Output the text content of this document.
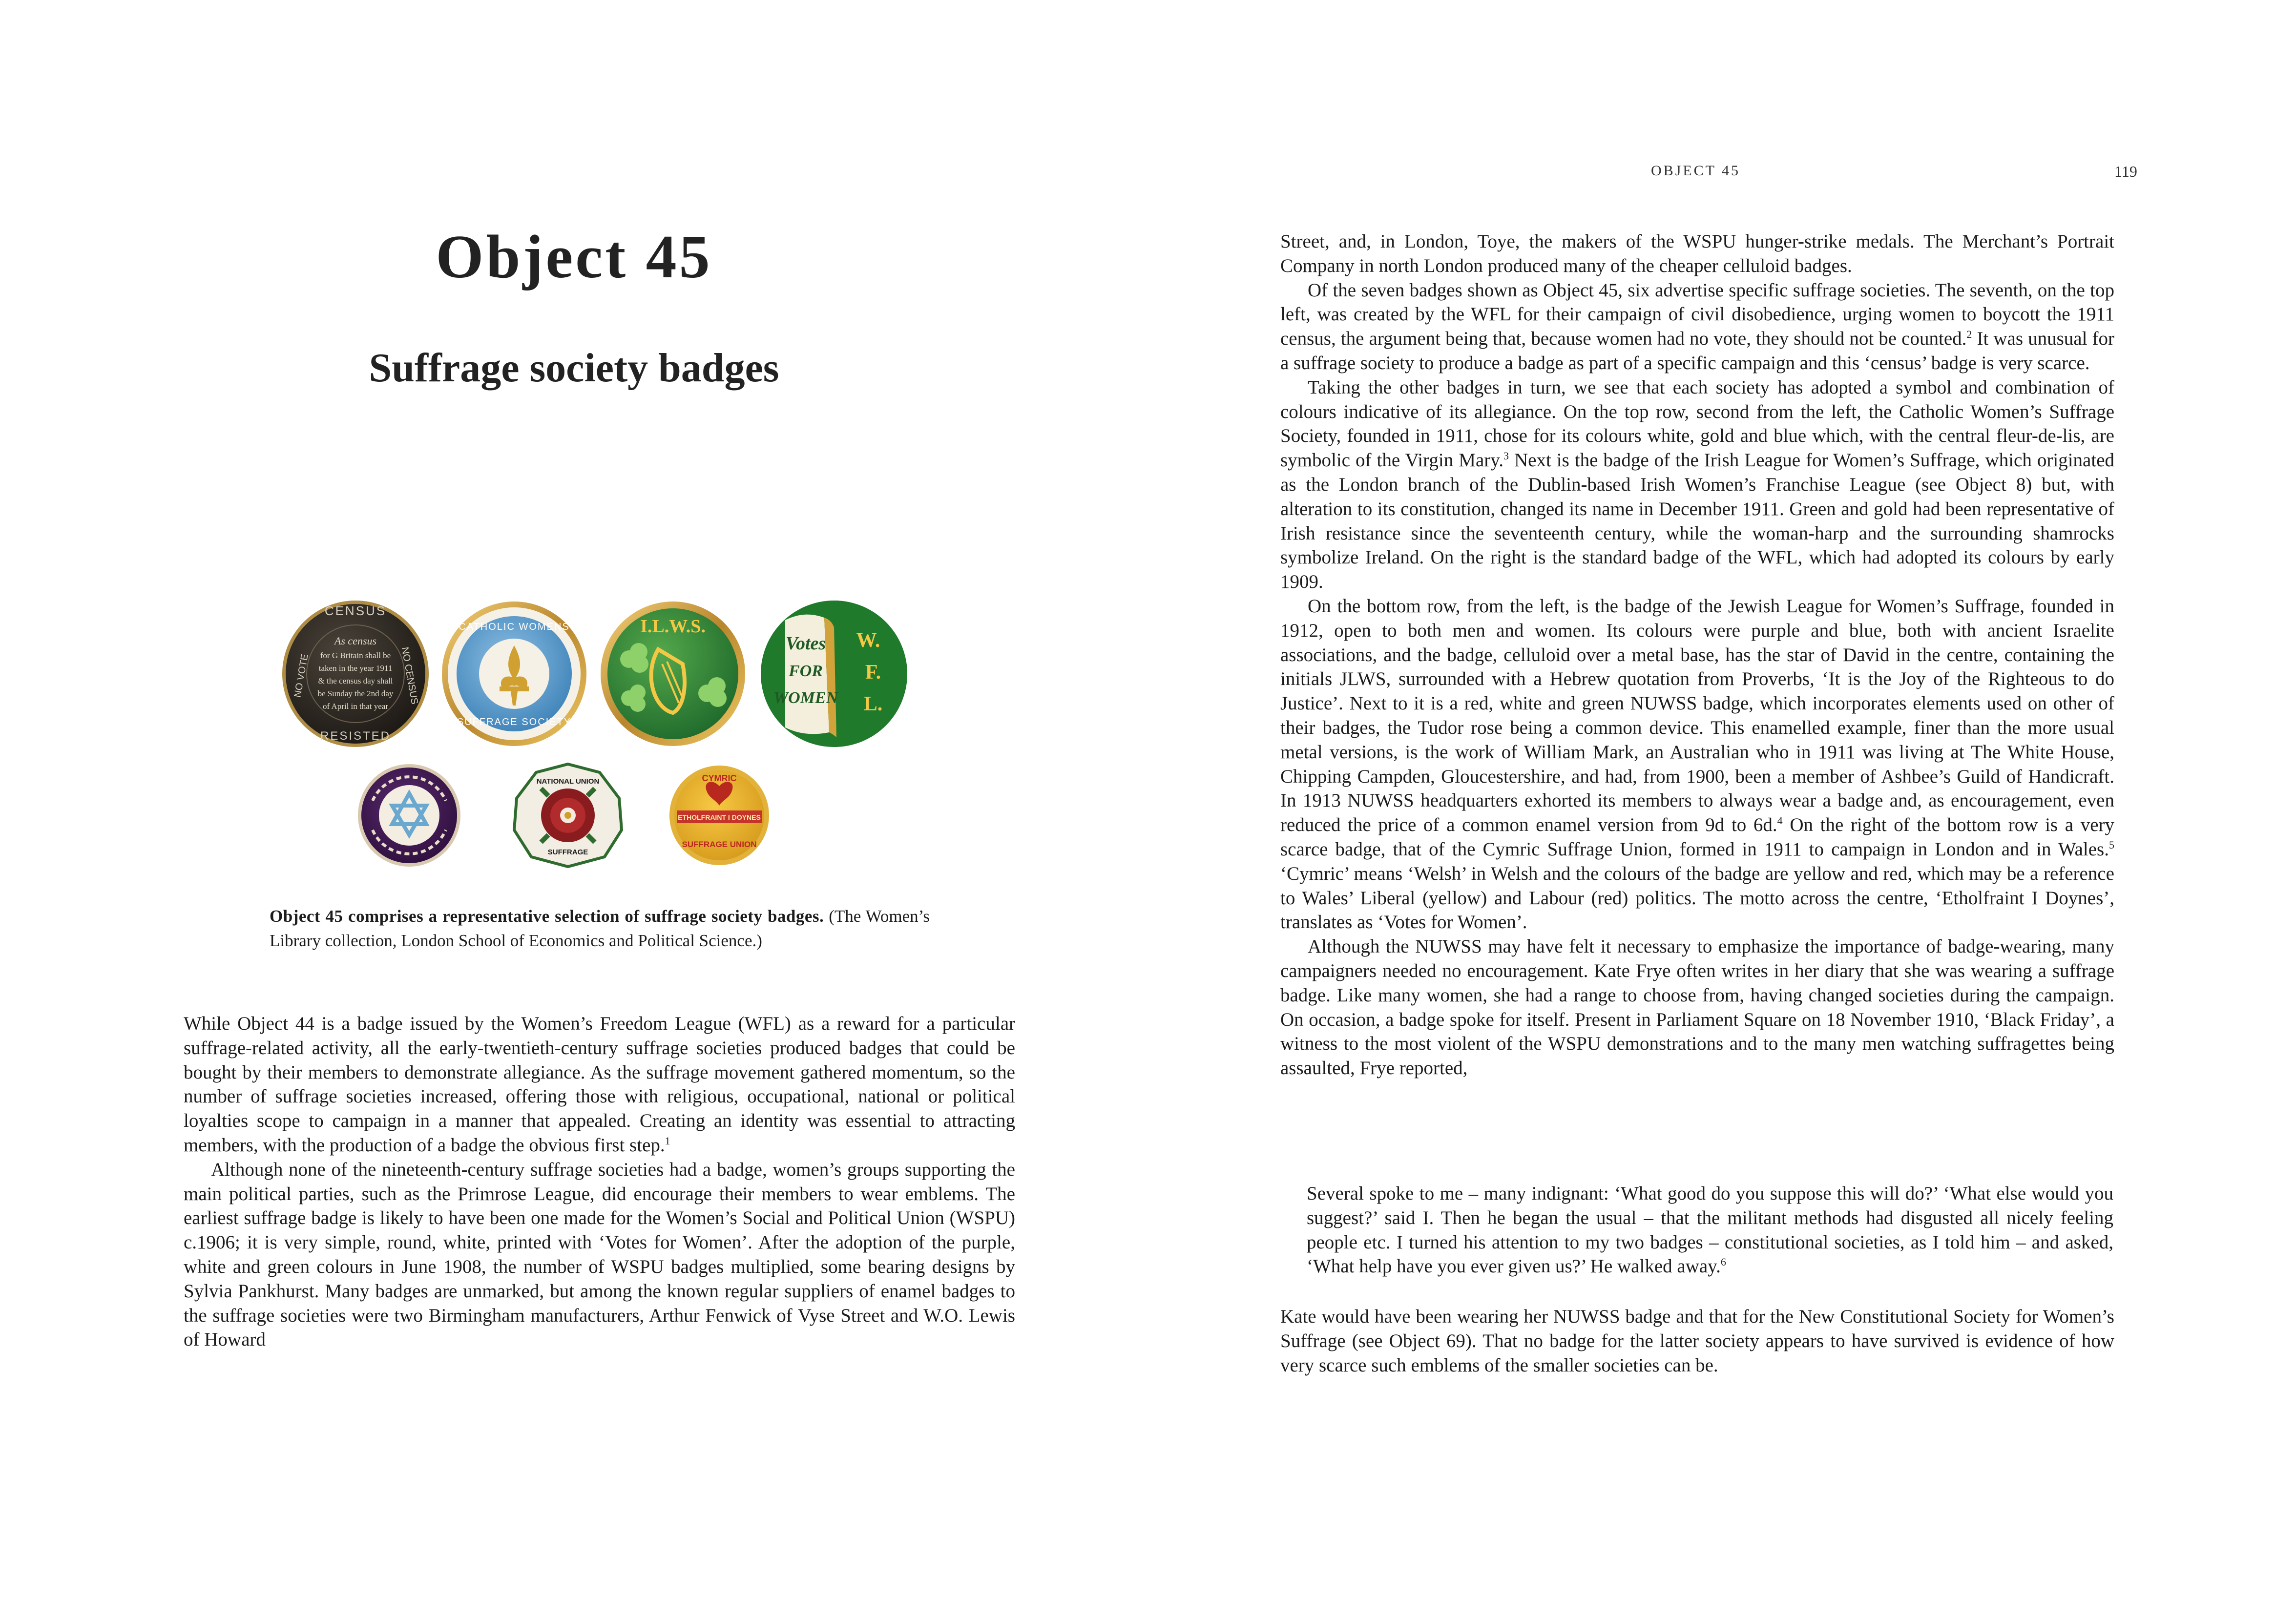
Object 45
Suffrage society badges
CENSUS
RESISTED
NO VOTE	NO CENSUS
As census
for G Britain shall be
taken in the year 1911
& the census day shall
be Sunday the 2nd day
of April in that year
CATHOLIC WOMENS
SUFFRAGE SOCIETY
I.L.W.S.
Votes
FOR
WOMEN
W.
F.
L.
NATIONAL UNION
SUFFRAGE
CYMRIC
ETHOLFRAINT I DOYNES
SUFFRAGE UNION
Object 45 comprises a representative selection of suffrage society badges. (The Women’s Library collection, London School of Economics and Political Science.)

While Object 44 is a badge issued by the Women’s Freedom League (WFL) as a reward for a particular suffrage-related activity, all the early-twentieth-century suffrage societies produced badges that could be bought by their members to demonstrate allegiance. As the suffrage movement gathered momentum, so the number of suffrage societies increased, offering those with religious, occupational, national or political loyalties scope to campaign in a manner that appealed. Creating an identity was essential to attracting members, with the production of a badge the obvious first step.$^1$

Although none of the nineteenth-century suffrage societies had a badge, women’s groups supporting the main political parties, such as the Primrose League, did encourage their members to wear emblems. The earliest suffrage badge is likely to have been one made for the Women’s Social and Political Union (WSPU) c.1906; it is very simple, round, white, printed with ‘Votes for Women’. After the adoption of the purple, white and green colours in June 1908, the number of WSPU badges multiplied, some bearing designs by Sylvia Pankhurst. Many badges are unmarked, but among the known regular suppliers of enamel badges to the suffrage societies were two Birmingham manufacturers, Arthur Fenwick of Vyse Street and W.O. Lewis of Howard

OBJECT 45	119

Street, and, in London, Toye, the makers of the WSPU hunger-strike medals. The Merchant’s Portrait Company in north London produced many of the cheaper celluloid badges.

Of the seven badges shown as Object 45, six advertise specific suffrage societies. The seventh, on the top left, was created by the WFL for their campaign of civil disobedience, urging women to boycott the 1911 census, the argument being that, because women had no vote, they should not be counted.$^2$ It was unusual for a suffrage society to produce a badge as part of a specific campaign and this ‘census’ badge is very scarce.

Taking the other badges in turn, we see that each society has adopted a symbol and combination of colours indicative of its allegiance. On the top row, second from the left, the Catholic Women’s Suffrage Society, founded in 1911, chose for its colours white, gold and blue which, with the central fleur-de-lis, are symbolic of the Virgin Mary.$^3$ Next is the badge of the Irish League for Women’s Suffrage, which originated as the London branch of the Dublin-based Irish Women’s Franchise League (see Object 8) but, with alteration to its constitution, changed its name in December 1911. Green and gold had been representative of Irish resistance since the seventeenth century, while the woman-harp and the surrounding shamrocks symbolize Ireland. On the right is the standard badge of the WFL, which had adopted its colours by early 1909.

On the bottom row, from the left, is the badge of the Jewish League for Women’s Suffrage, founded in 1912, open to both men and women. Its colours were purple and blue, both with ancient Israelite associations, and the badge, celluloid over a metal base, has the star of David in the centre, containing the initials JLWS, surrounded with a Hebrew quotation from Proverbs, ‘It is the Joy of the Righteous to do Justice’. Next to it is a red, white and green NUWSS badge, which incorporates elements used on other of their badges, the Tudor rose being a common device. This enamelled example, finer than the more usual metal versions, is the work of William Mark, an Australian who in 1911 was living at The White House, Chipping Campden, Gloucestershire, and had, from 1900, been a member of Ashbee’s Guild of Handicraft. In 1913 NUWSS headquarters exhorted its members to always wear a badge and, as encouragement, even reduced the price of a common enamel version from 9d to 6d.$^4$ On the right of the bottom row is a very scarce badge, that of the Cymric Suffrage Union, formed in 1911 to campaign in London and in Wales.$^5$ ‘Cymric’ means ‘Welsh’ in Welsh and the colours of the badge are yellow and red, which may be a reference to Wales’ Liberal (yellow) and Labour (red) politics. The motto across the centre, ‘Etholfraint I Doynes’, translates as ‘Votes for Women’.

Although the NUWSS may have felt it necessary to emphasize the importance of badge-wearing, many campaigners needed no encouragement. Kate Frye often writes in her diary that she was wearing a suffrage badge. Like many women, she had a range to choose from, having changed societies during the campaign. On occasion, a badge spoke for itself. Present in Parliament Square on 18 November 1910, ‘Black Friday’, a witness to the most violent of the WSPU demonstrations and to the many men watching suffragettes being assaulted, Frye reported,

Several spoke to me – many indignant: ‘What good do you suppose this will do?’ ‘What else would you suggest?’ said I. Then he began the usual – that the militant methods had disgusted all nicely feeling people etc. I turned his attention to my two badges – constitutional societies, as I told him – and asked, ‘What help have you ever given us?’ He walked away.$^6$

Kate would have been wearing her NUWSS badge and that for the New Constitutional Society for Women’s Suffrage (see Object 69). That no badge for the latter society appears to have survived is evidence of how very scarce such emblems of the smaller societies can be.
